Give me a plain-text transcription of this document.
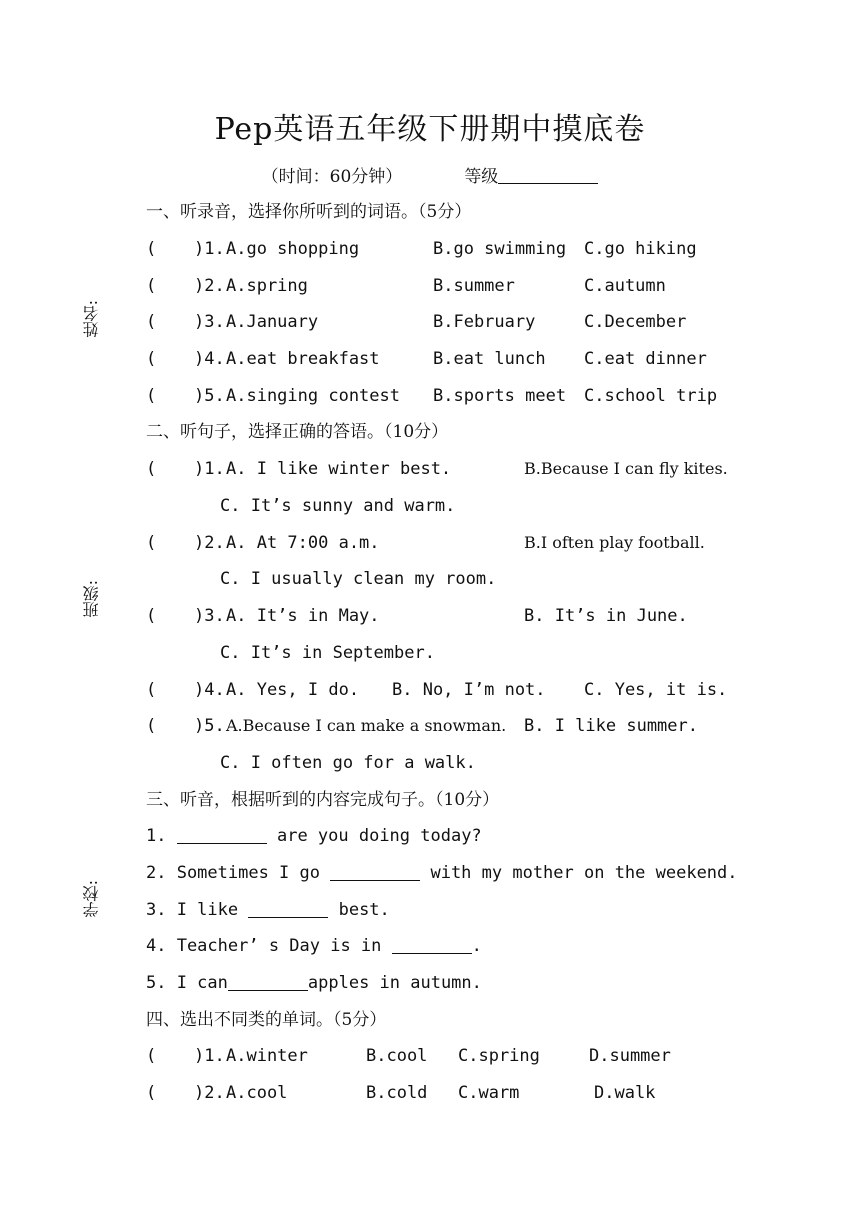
Pep英语五年级下册期中摸底卷
（时间：60分钟）	等级
姓名:
班级:
学校:
一、听录音，选择你所听到的词语。（5分）
( )1. A.go shopping	B.go swimming C.go hiking
( )2. A.spring	B.summer	C.autumn
( )3. A.January	B.February	C.December
( )4. A.eat breakfast	B.eat lunch C.eat dinner
( )5. A.singing contest B.sports meet C.school trip
二、听句子，选择正确的答语。（10分）
( )1. A. I like winter best.	B.Because I can fly kites.
C. It’s sunny and warm.
( )2. A. At 7:00 a.m.	B.I often play football.
C. I usually clean my room.
( )3. A. It’s in May.	B. It’s in June.
C. It’s in September.
( )4. A. Yes, I do. B. No, I’m not. C. Yes, it is.
( )5. A.Because I can make a snowman. B. I like summer.
C. I often go for a walk.
三、听音，根据听到的内容完成句子。（10分）
1.	are you doing today?
2. Sometimes I go	with my mother on the weekend.
3. I like	best.
4. Teacher’ s Day is in	.
5. I can	apples in autumn.
四、选出不同类的单词。（5分）
( )1. A.winter	B.cool C.spring	D.summer
( )2. A.cool	B.cold C.warm	D.walk
